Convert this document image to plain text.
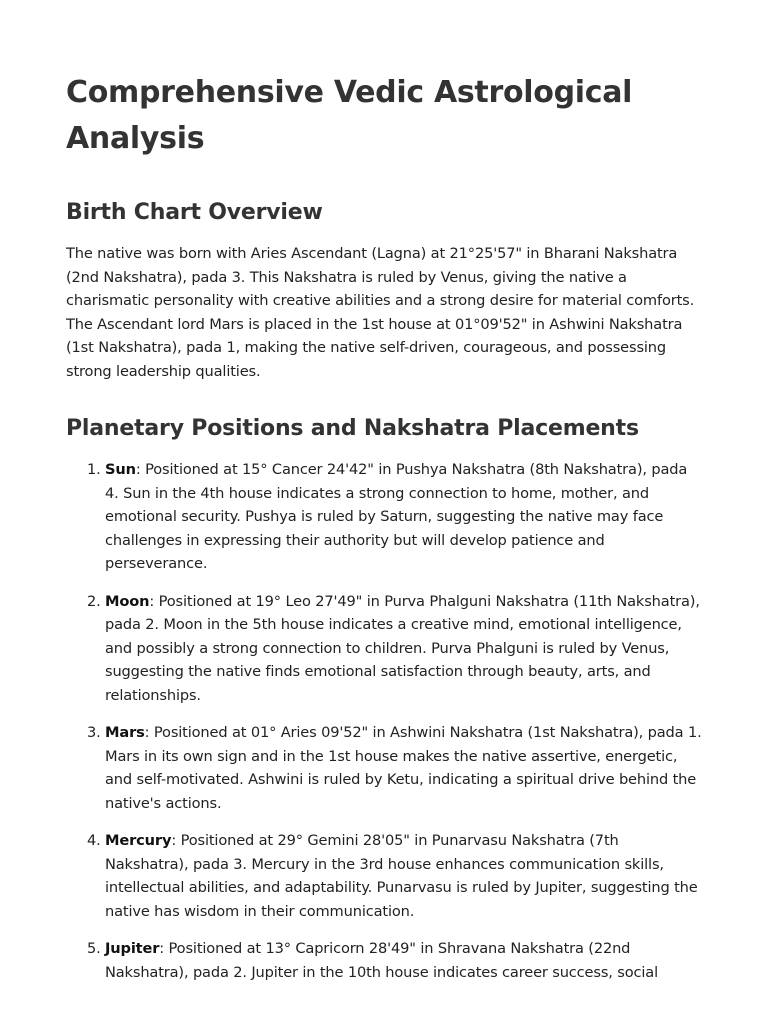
Comprehensive Vedic Astrological Analysis
Birth Chart Overview

The native was born with Aries Ascendant (Lagna) at 21°25'57" in Bharani Nakshatra (2nd Nakshatra), pada 3. This Nakshatra is ruled by Venus, giving the native a charismatic personality with creative abilities and a strong desire for material comforts. The Ascendant lord Mars is placed in the 1st house at 01°09'52" in Ashwini Nakshatra (1st Nakshatra), pada 1, making the native self-driven, courageous, and possessing strong leadership qualities.

Planetary Positions and Nakshatra Placements
Sun: Positioned at 15° Cancer 24'42" in Pushya Nakshatra (8th Nakshatra), pada 4. Sun in the 4th house indicates a strong connection to home, mother, and emotional security. Pushya is ruled by Saturn, suggesting the native may face challenges in expressing their authority but will develop patience and perseverance.
Moon: Positioned at 19° Leo 27'49" in Purva Phalguni Nakshatra (11th Nakshatra), pada 2. Moon in the 5th house indicates a creative mind, emotional intelligence, and possibly a strong connection to children. Purva Phalguni is ruled by Venus, suggesting the native finds emotional satisfaction through beauty, arts, and relationships.
Mars: Positioned at 01° Aries 09'52" in Ashwini Nakshatra (1st Nakshatra), pada 1. Mars in its own sign and in the 1st house makes the native assertive, energetic, and self-motivated. Ashwini is ruled by Ketu, indicating a spiritual drive behind the native's actions.
Mercury: Positioned at 29° Gemini 28'05" in Punarvasu Nakshatra (7th Nakshatra), pada 3. Mercury in the 3rd house enhances communication skills, intellectual abilities, and adaptability. Punarvasu is ruled by Jupiter, suggesting the native has wisdom in their communication.
Jupiter: Positioned at 13° Capricorn 28'49" in Shravana Nakshatra (22nd Nakshatra), pada 2. Jupiter in the 10th house indicates career success, social
